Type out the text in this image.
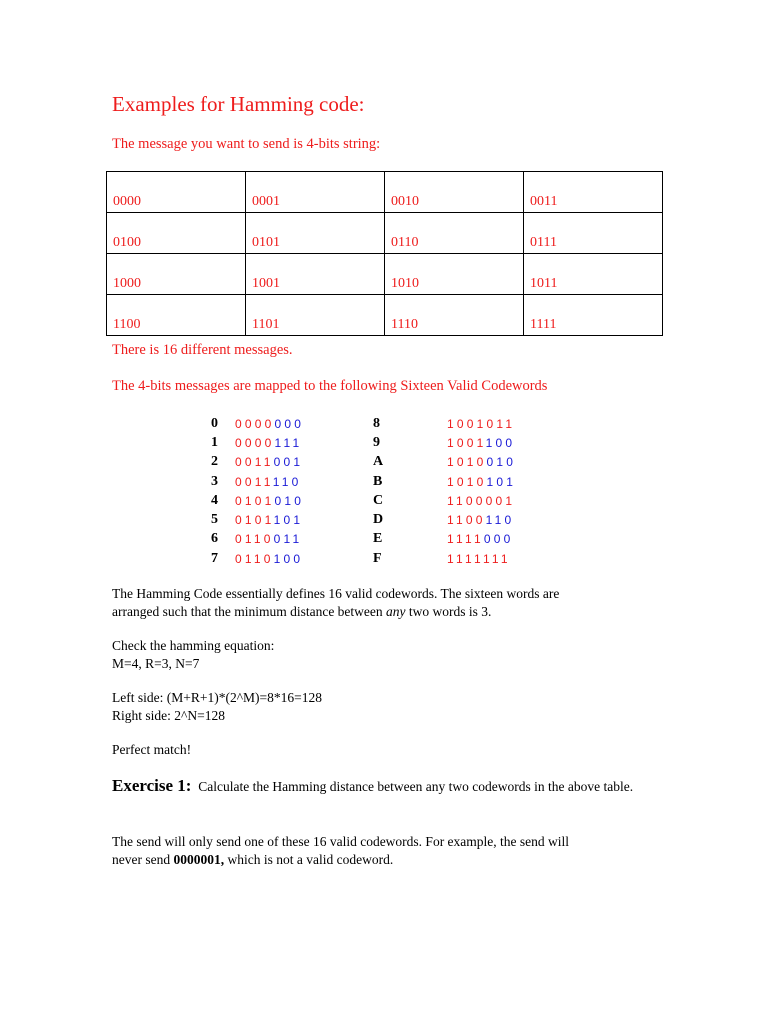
Examples for Hamming code:
The message you want to send is 4-bits string:
0000	0001	0010	0011
0100	0101	0110	0111
1000	1001	1010	1011
1100	1101	1110	1111
There is 16 different messages.
The 4-bits messages are mapped to the following Sixteen Valid Codewords
0	0000000
1	0000111
2	0011001
3	0011110
4	0101010
5	0101101
6	0110011
7	0110100
8	1001011
9	1001100
A	1010010
B	1010101
C	1100001
D	1100110
E	1111000
F	1111111
The Hamming Code essentially defines 16 valid codewords. The sixteen words are
arranged such that the minimum distance between any two words is 3.
Check the hamming equation:
M=4, R=3, N=7
Left side: (M+R+1)*(2^M)=8*16=128
Right side: 2^N=128
Perfect match!
Exercise 1: Calculate the Hamming distance between any two codewords in the above table.
The send will only send one of these 16 valid codewords. For example, the send will
never send 0000001, which is not a valid codeword.
